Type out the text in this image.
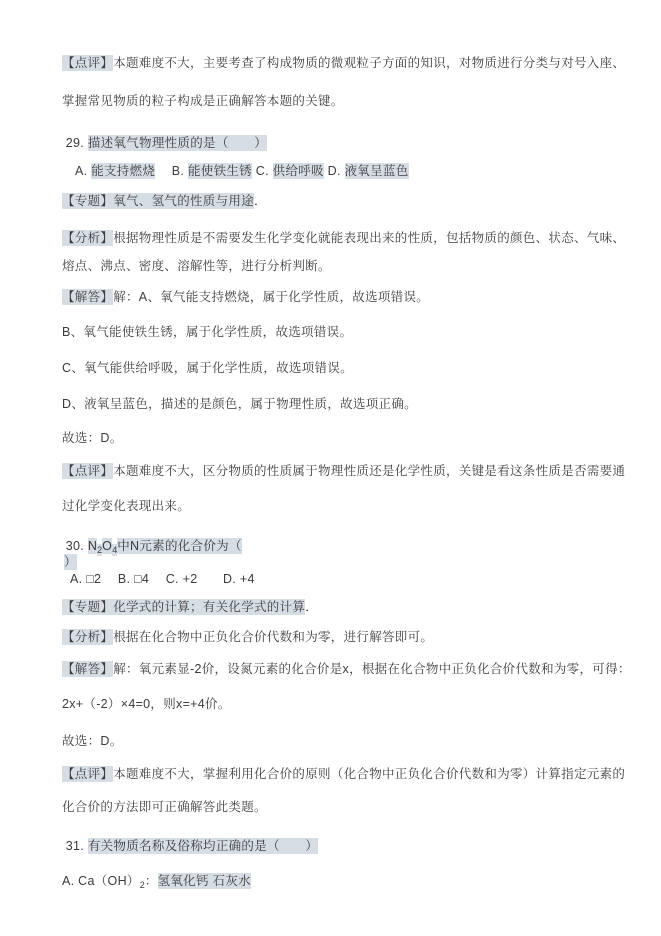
【点评】本题难度不大，主要考查了构成物质的微观粒子方面的知识，对物质进行分类与对号入座、

掌握常见物质的粒子构成是正确解答本题的关键。

29. 描述氧气物理性质的是（　　）

A. 能支持燃烧　 B. 能使铁生锈 C. 供给呼吸 D. 液氧呈蓝色

【专题】氧气、氢气的性质与用途．

【分析】根据物理性质是不需要发生化学变化就能表现出来的性质，包括物质的颜色、状态、气味、

熔点、沸点、密度、溶解性等，进行分析判断。

【解答】解：A、氧气能支持燃烧，属于化学性质，故选项错误。

B、氧气能使铁生锈，属于化学性质，故选项错误。

C、氧气能供给呼吸，属于化学性质，故选项错误。

D、液氧呈蓝色，描述的是颜色，属于物理性质，故选项正确。

故选：D。

【点评】本题难度不大，区分物质的性质属于物理性质还是化学性质，关键是看这条性质是否需要通

过化学变化表现出来。

30. $N_2O_4$中N元素的化合价为（

）

A. □2　 B. □4　 C. +2　　D. +4

【专题】化学式的计算；有关化学式的计算．

【分析】根据在化合物中正负化合价代数和为零，进行解答即可。

【解答】解：氧元素显-2价，设氮元素的化合价是x，根据在化合物中正负化合价代数和为零，可得：

2x+（-2）×4=0，则x=+4价。

故选：D。

【点评】本题难度不大，掌握利用化合价的原则（化合物中正负化合价代数和为零）计算指定元素的

化合价的方法即可正确解答此类题。

31. 有关物质名称及俗称均正确的是（　　）

A. $Ca(OH)_2$：氢氧化钙 石灰水
